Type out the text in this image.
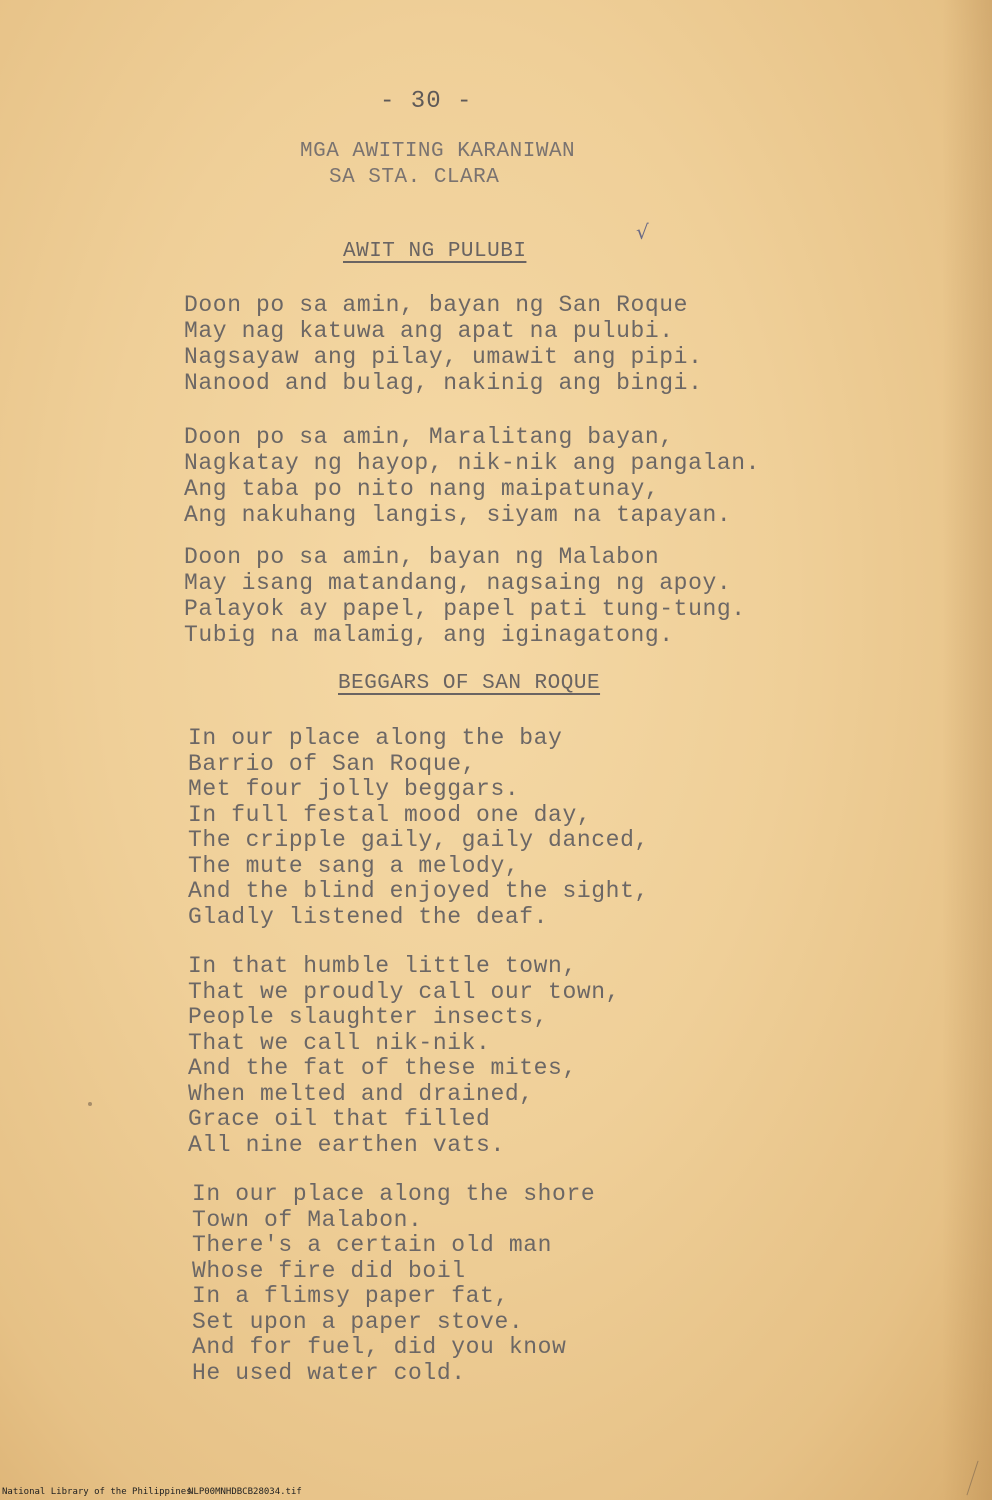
- 30 -
MGA AWITING KARANIWAN
SA STA. CLARA
√
AWIT NG PULUBI
Doon po sa amin, bayan ng San Roque
May nag katuwa ang apat na pulubi.
Nagsayaw ang pilay, umawit ang pipi.
Nanood and bulag, nakinig ang bingi.
Doon po sa amin, Maralitang bayan,
Nagkatay ng hayop, nik-nik ang pangalan.
Ang taba po nito nang maipatunay,
Ang nakuhang langis, siyam na tapayan.
Doon po sa amin, bayan ng Malabon
May isang matandang, nagsaing ng apoy.
Palayok ay papel, papel pati tung-tung.
Tubig na malamig, ang iginagatong.
BEGGARS OF SAN ROQUE
In our place along the bay
Barrio of San Roque,
Met four jolly beggars.
In full festal mood one day,
The cripple gaily, gaily danced,
The mute sang a melody,
And the blind enjoyed the sight,
Gladly listened the deaf.
In that humble little town,
That we proudly call our town,
People slaughter insects,
That we call nik-nik.
And the fat of these mites,
When melted and drained,
Grace oil that filled
All nine earthen vats.
In our place along the shore
Town of Malabon.
There's a certain old man
Whose fire did boil
In a flimsy paper fat,
Set upon a paper stove.
And for fuel, did you know
He used water cold.
National Library of the Philippines
NLP00MNHDBCB28034.tif
